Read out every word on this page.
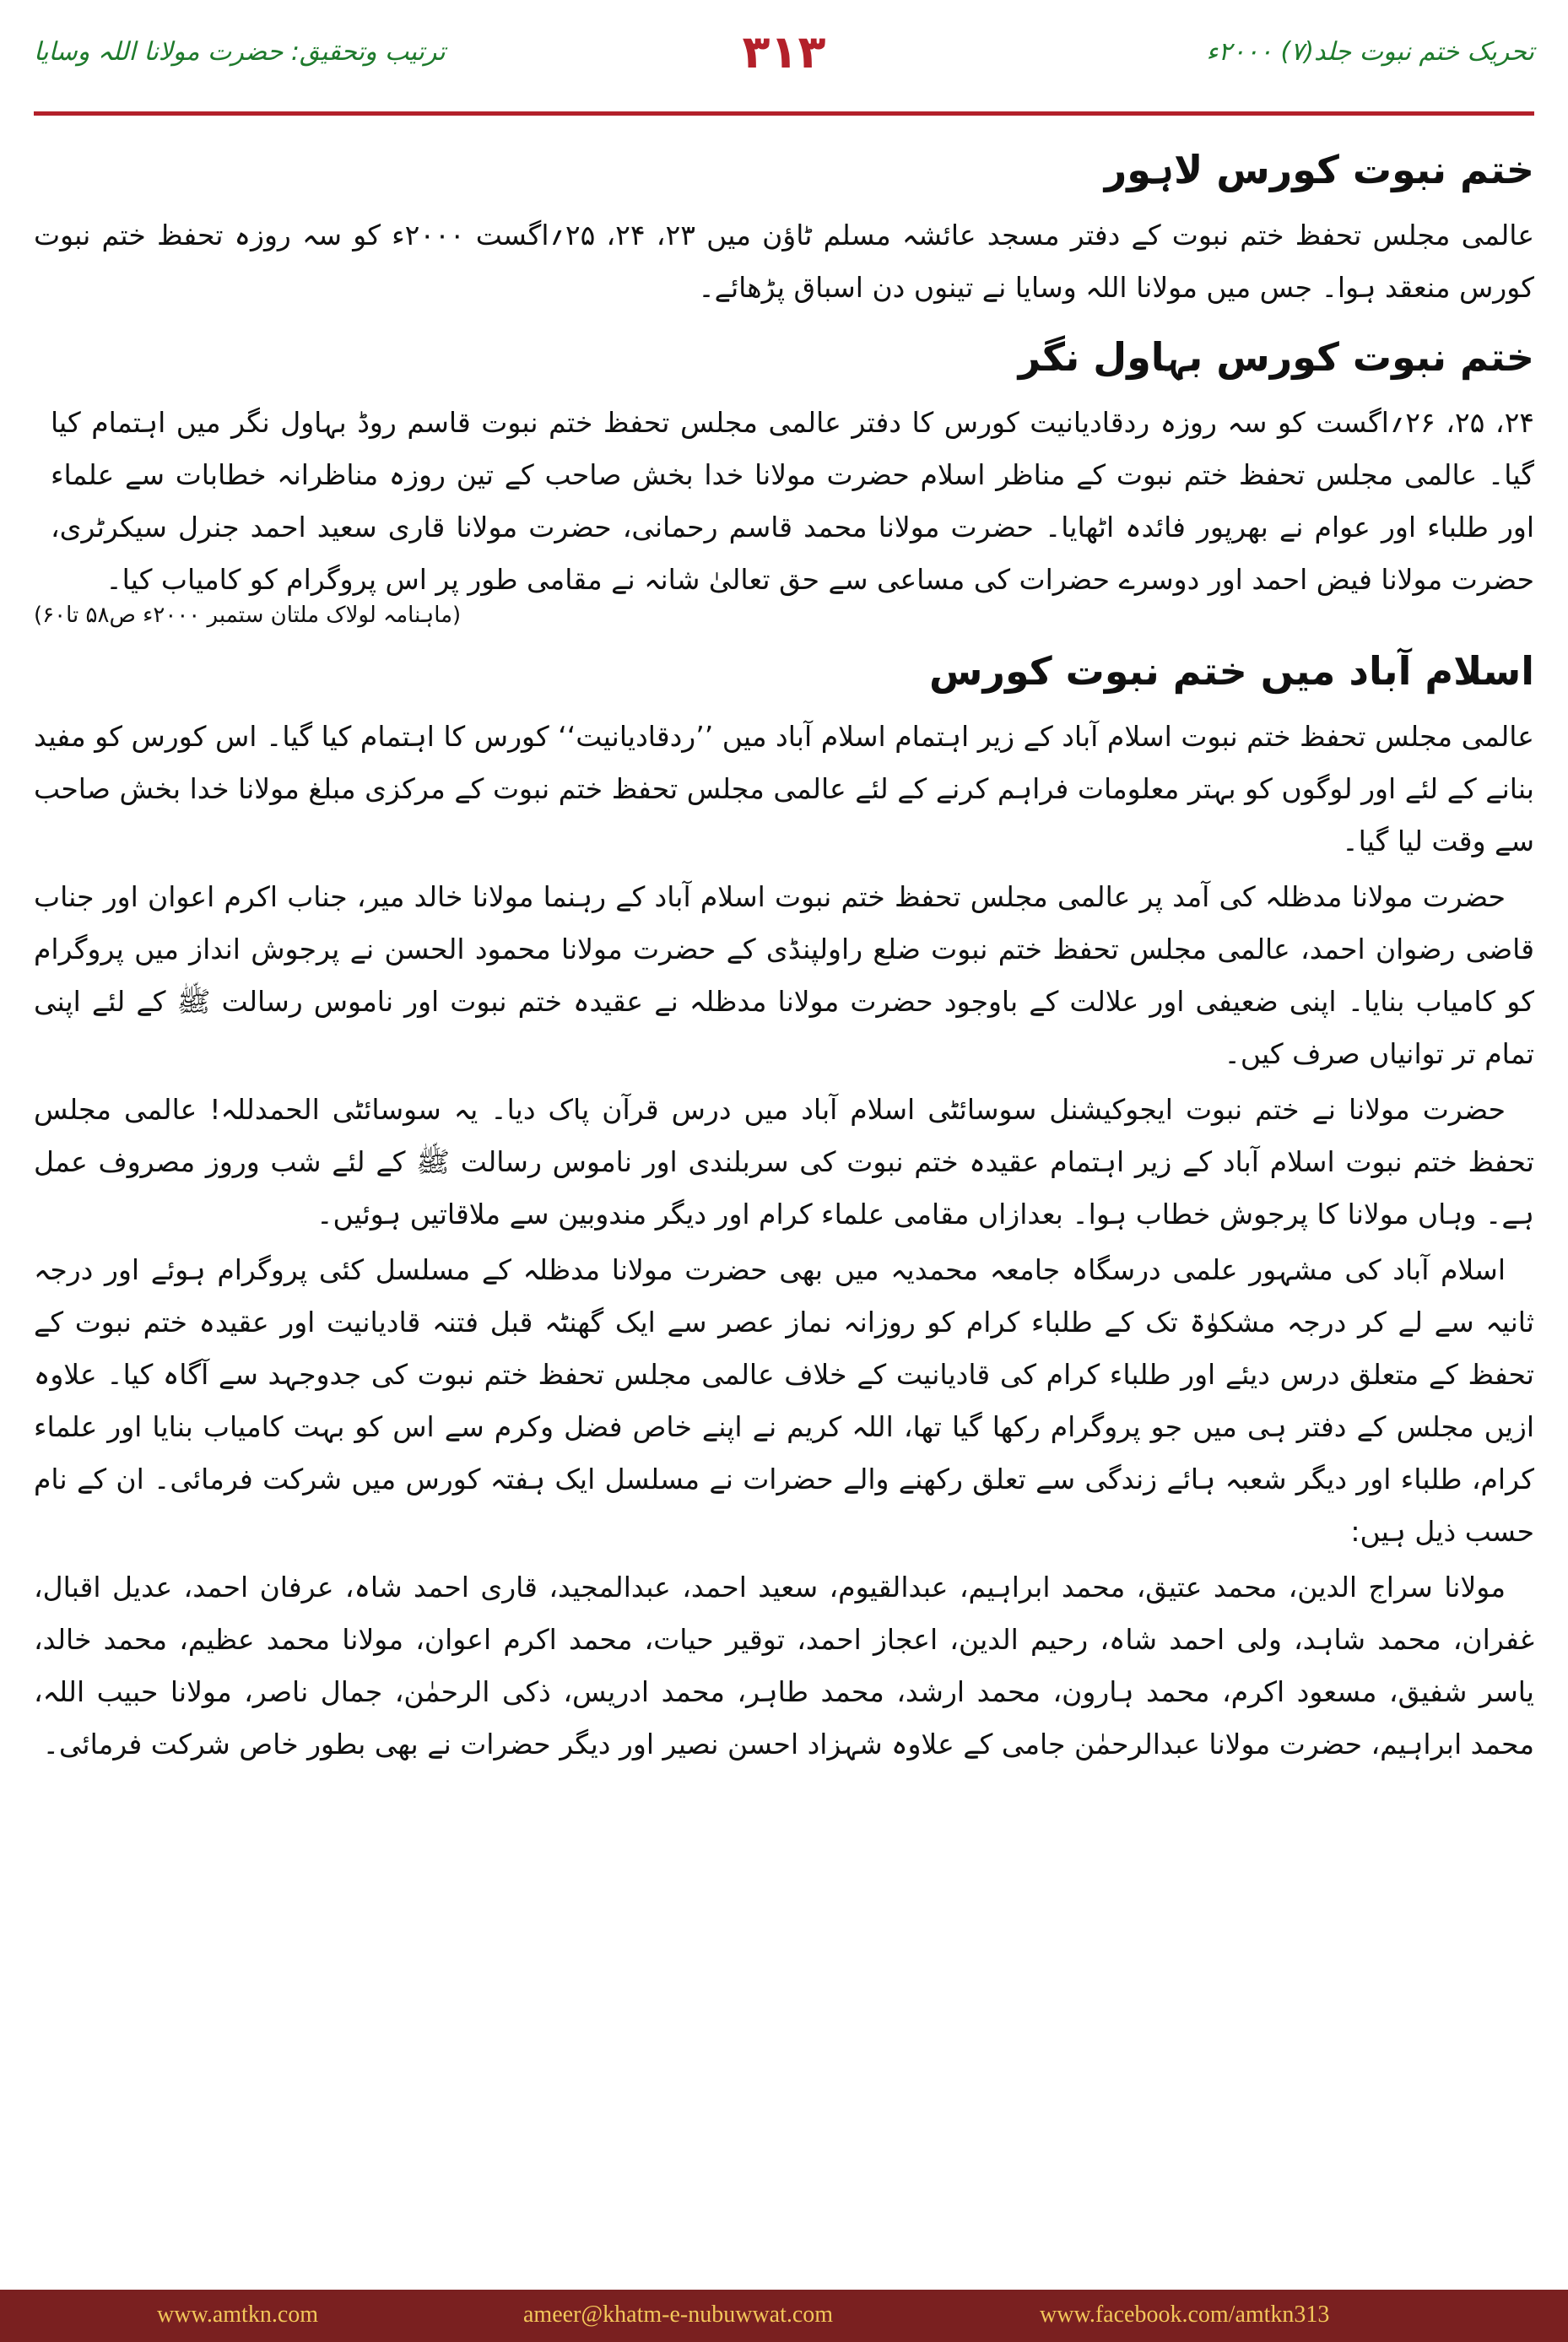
ترتیب وتحقیق: حضرت مولانا اللہ وسایا	۳۱۳	تحریک ختم نبوت جلد(۷) ۲۰۰۰ء
ختم نبوت کورس لاہور

عالمی مجلس تحفظ ختم نبوت کے دفتر مسجد عائشہ مسلم ٹاؤن میں ۲۳، ۲۴، ۲۵؍اگست ۲۰۰۰ء کو سہ روزہ تحفظ ختم نبوت کورس منعقد ہوا۔ جس میں مولانا اللہ وسایا نے تینوں دن اسباق پڑھائے۔

ختم نبوت کورس بہاول نگر

۲۴، ۲۵، ۲۶؍اگست کو سہ روزہ ردقادیانیت کورس کا دفتر عالمی مجلس تحفظ ختم نبوت قاسم روڈ بہاول نگر میں اہتمام کیا گیا۔ عالمی مجلس تحفظ ختم نبوت کے مناظر اسلام حضرت مولانا خدا بخش صاحب کے تین روزہ مناظرانہ خطابات سے علماء اور طلباء اور عوام نے بھرپور فائدہ اٹھایا۔ حضرت مولانا محمد قاسم رحمانی، حضرت مولانا قاری سعید احمد جنرل سیکرٹری، حضرت مولانا فیض احمد اور دوسرے حضرات کی مساعی سے حق تعالیٰ شانہ نے مقامی طور پر اس پروگرام کو کامیاب کیا۔

(ماہنامہ لولاک ملتان ستمبر ۲۰۰۰ء ص۵۸ تا۶۰)
اسلام آباد میں ختم نبوت کورس

عالمی مجلس تحفظ ختم نبوت اسلام آباد کے زیر اہتمام اسلام آباد میں ’’ردقادیانیت‘‘ کورس کا اہتمام کیا گیا۔ اس کورس کو مفید بنانے کے لئے اور لوگوں کو بہتر معلومات فراہم کرنے کے لئے عالمی مجلس تحفظ ختم نبوت کے مرکزی مبلغ مولانا خدا بخش صاحب سے وقت لیا گیا۔

حضرت مولانا مدظلہ کی آمد پر عالمی مجلس تحفظ ختم نبوت اسلام آباد کے رہنما مولانا خالد میر، جناب اکرم اعوان اور جناب قاضی رضوان احمد، عالمی مجلس تحفظ ختم نبوت ضلع راولپنڈی کے حضرت مولانا محمود الحسن نے پرجوش انداز میں پروگرام کو کامیاب بنایا۔ اپنی ضعیفی اور علالت کے باوجود حضرت مولانا مدظلہ نے عقیدہ ختم نبوت اور ناموس رسالت ﷺ کے لئے اپنی تمام تر توانیاں صرف کیں۔

حضرت مولانا نے ختم نبوت ایجوکیشنل سوسائٹی اسلام آباد میں درس قرآن پاک دیا۔ یہ سوسائٹی الحمدللہ! عالمی مجلس تحفظ ختم نبوت اسلام آباد کے زیر اہتمام عقیدہ ختم نبوت کی سربلندی اور ناموس رسالت ﷺ کے لئے شب وروز مصروف عمل ہے۔ وہاں مولانا کا پرجوش خطاب ہوا۔ بعدازاں مقامی علماء کرام اور دیگر مندوبین سے ملاقاتیں ہوئیں۔

اسلام آباد کی مشہور علمی درسگاہ جامعہ محمدیہ میں بھی حضرت مولانا مدظلہ کے مسلسل کئی پروگرام ہوئے اور درجہ ثانیہ سے لے کر درجہ مشکوٰۃ تک کے طلباء کرام کو روزانہ نماز عصر سے ایک گھنٹہ قبل فتنہ قادیانیت اور عقیدہ ختم نبوت کے تحفظ کے متعلق درس دیئے اور طلباء کرام کی قادیانیت کے خلاف عالمی مجلس تحفظ ختم نبوت کی جدوجہد سے آگاہ کیا۔ علاوہ ازیں مجلس کے دفتر ہی میں جو پروگرام رکھا گیا تھا، اللہ کریم نے اپنے خاص فضل وکرم سے اس کو بہت کامیاب بنایا اور علماء کرام، طلباء اور دیگر شعبہ ہائے زندگی سے تعلق رکھنے والے حضرات نے مسلسل ایک ہفتہ کورس میں شرکت فرمائی۔ ان کے نام حسب ذیل ہیں:

مولانا سراج الدین، محمد عتیق، محمد ابراہیم، عبدالقیوم، سعید احمد، عبدالمجید، قاری احمد شاہ، عرفان احمد، عدیل اقبال، غفران، محمد شاہد، ولی احمد شاہ، رحیم الدین، اعجاز احمد، توقیر حیات، محمد اکرم اعوان، مولانا محمد عظیم، محمد خالد، یاسر شفیق، مسعود اکرم، محمد ہارون، محمد ارشد، محمد طاہر، محمد ادریس، ذکی الرحمٰن، جمال ناصر، مولانا حبیب اللہ، محمد ابراہیم، حضرت مولانا عبدالرحمٰن جامی کے علاوہ شہزاد احسن نصیر اور دیگر حضرات نے بھی بطور خاص شرکت فرمائی۔

www.amtkn.com	ameer@khatm-e-nubuwwat.com	www.facebook.com/amtkn313
